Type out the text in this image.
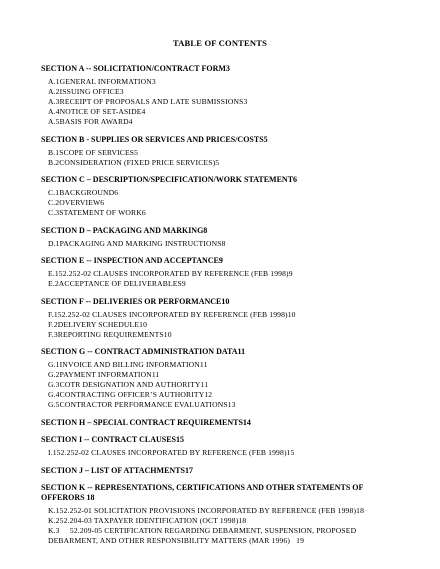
TABLE OF CONTENTS
SECTION A -- SOLICITATION/CONTRACT FORM3
A.1GENERAL INFORMATION3
A.2ISSUING OFFICE3
A.3RECEIPT OF PROPOSALS AND LATE SUBMISSIONS3
A.4NOTICE OF SET-ASIDE4
A.5BASIS FOR AWARD4
SECTION B - SUPPLIES OR SERVICES AND PRICES/COSTS5
B.1SCOPE OF SERVICES5
B.2CONSIDERATION (FIXED PRICE SERVICES)5
SECTION C – DESCRIPTION/SPECIFICATION/WORK STATEMENT6
C.1BACKGROUND6
C.2OVERVIEW6
C.3STATEMENT OF WORK6
SECTION D – PACKAGING AND MARKING8
D.1PACKAGING AND MARKING INSTRUCTIONS8
SECTION E -- INSPECTION AND ACCEPTANCE9
E.152.252-02 CLAUSES INCORPORATED BY REFERENCE (FEB 1998)9
E.2ACCEPTANCE OF DELIVERABLES9
SECTION F -- DELIVERIES OR PERFORMANCE10
F.152.252-02 CLAUSES INCORPORATED BY REFERENCE (FEB 1998)10
F.2DELIVERY SCHEDULE10
F.3REPORTING REQUIREMENTS10
SECTION G -- CONTRACT ADMINISTRATION DATA11
G.1INVOICE AND BILLING INFORMATION11
G.2PAYMENT INFORMATION11
G.3COTR DESIGNATION AND AUTHORITY11
G.4CONTRACTING OFFICER’S AUTHORITY12
G.5CONTRACTOR PERFORMANCE EVALUATIONS13
SECTION H – SPECIAL CONTRACT REQUIREMENTS14
SECTION I -- CONTRACT CLAUSES15
I.152.252-02 CLAUSES INCORPORATED BY REFERENCE (FEB 1998)15
SECTION J – LIST OF ATTACHMENTS17
SECTION K -- REPRESENTATIONS, CERTIFICATIONS AND OTHER STATEMENTS OF OFFERORS 18
K.152.252-01 SOLICITATION PROVISIONS INCORPORATED BY REFERENCE (FEB 1998)18
K.252.204-03 TAXPAYER IDENTIFICATION (OCT 1998)18
K.3     52.209-05 CERTIFICATION REGARDING DEBARMENT, SUSPENSION, PROPOSED
DEBARMENT, AND OTHER RESPONSIBILITY MATTERS (MAR 1996)   19
